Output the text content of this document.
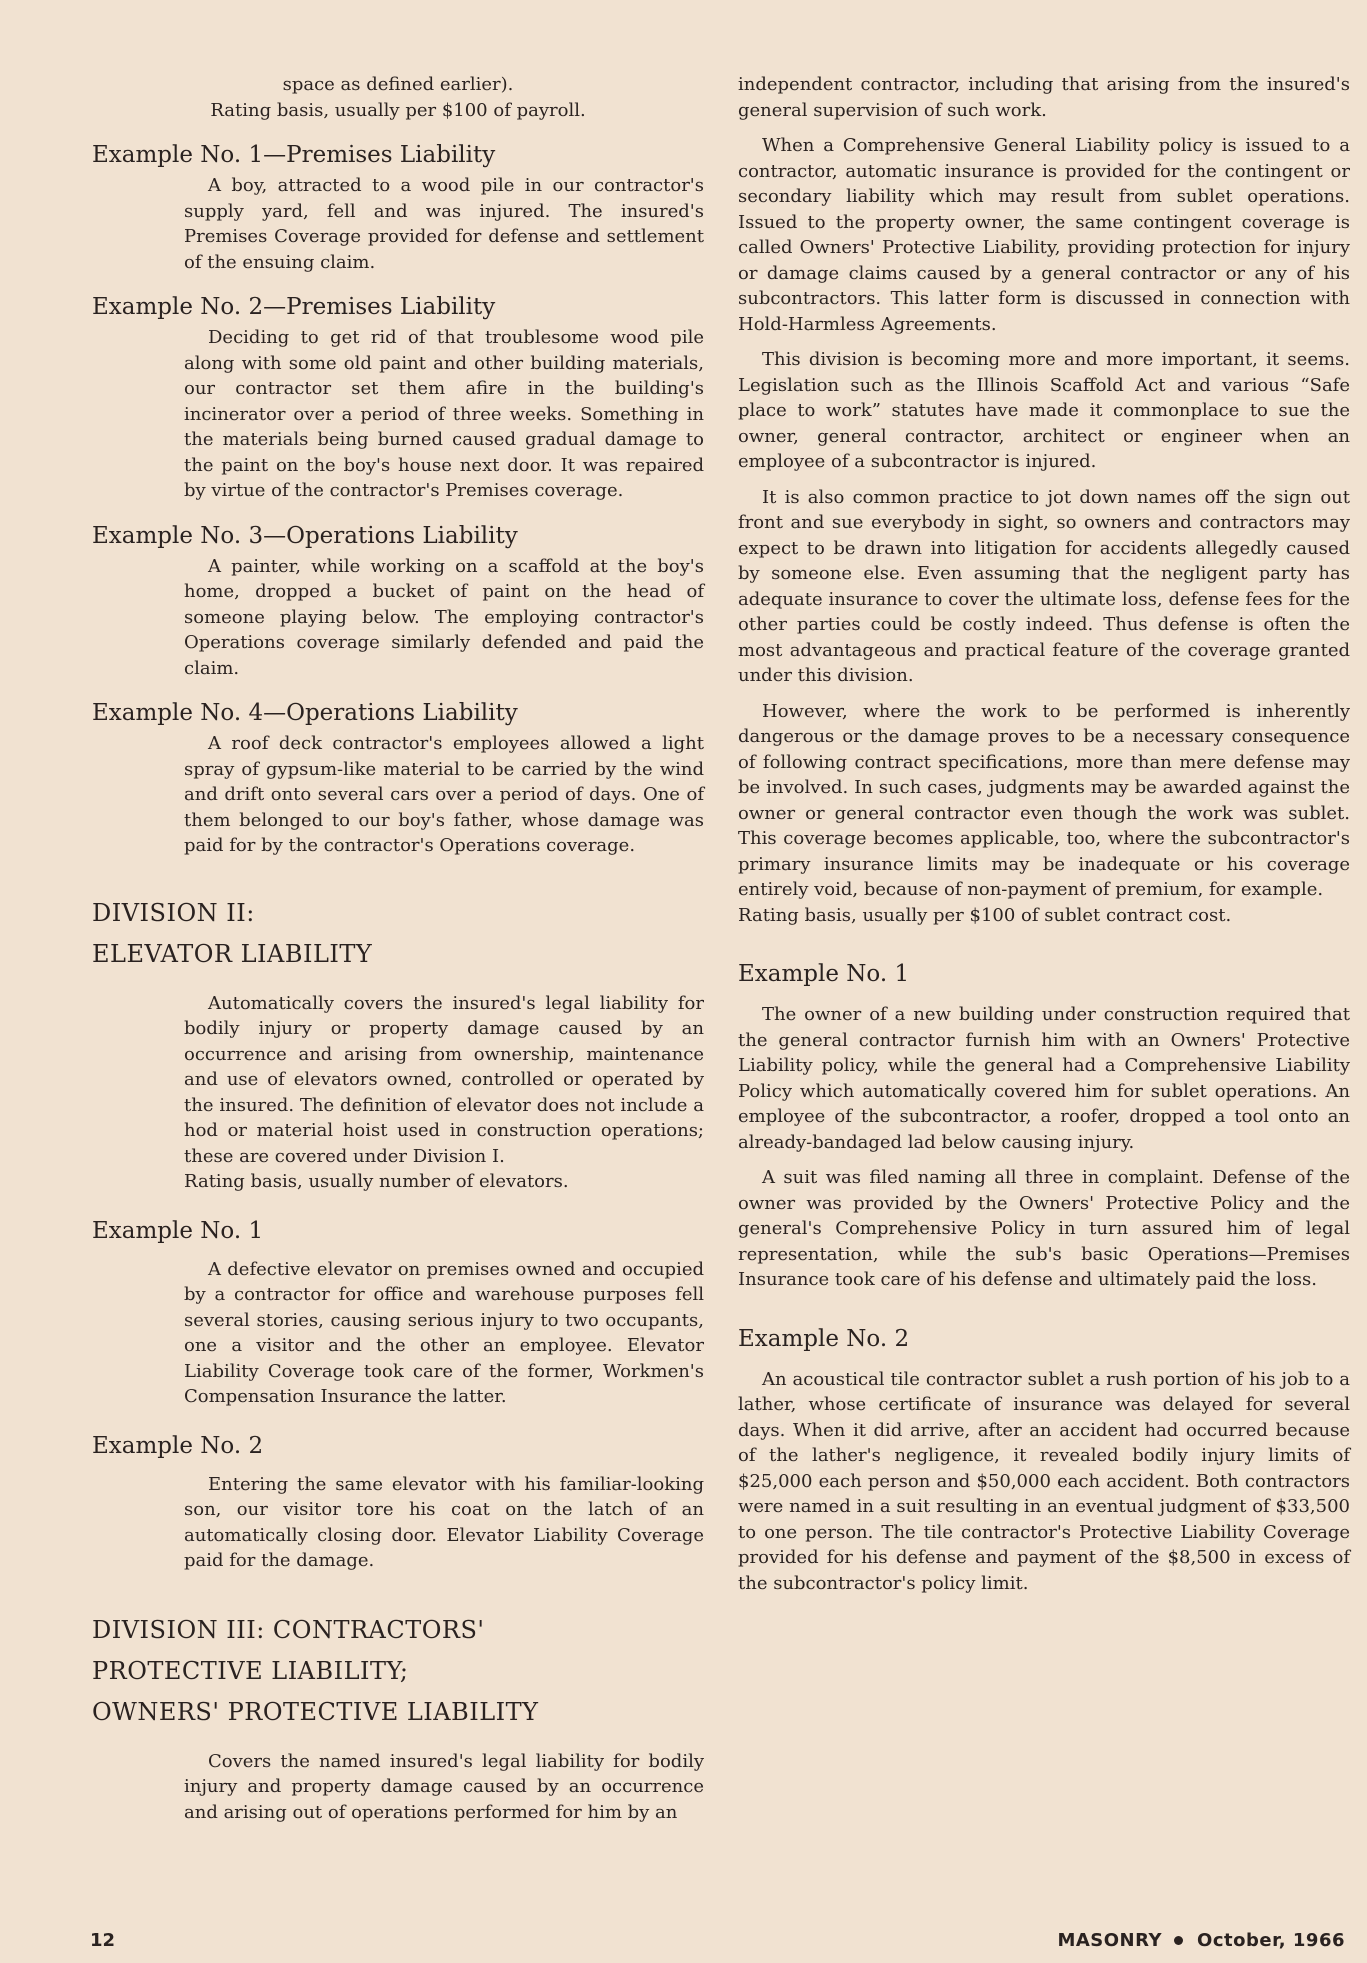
space as defined earlier).

Rating basis, usually per $100 of payroll.

Example No. 1—Premises Liability

A boy, attracted to a wood pile in our contractor's supply yard, fell and was injured. The insured's Premises Coverage provided for defense and settlement of the ensuing claim.

Example No. 2—Premises Liability

Deciding to get rid of that troublesome wood pile along with some old paint and other building materials, our contractor set them afire in the building's incinerator over a period of three weeks. Something in the materials being burned caused gradual damage to the paint on the boy's house next door. It was repaired by virtue of the contractor's Premises coverage.

Example No. 3—Operations Liability

A painter, while working on a scaffold at the boy's home, dropped a bucket of paint on the head of someone playing below. The employing contractor's Operations coverage similarly defended and paid the claim.

Example No. 4—Operations Liability

A roof deck contractor's employees allowed a light spray of gypsum-like material to be carried by the wind and drift onto several cars over a period of days. One of them belonged to our boy's father, whose damage was paid for by the contractor's Operations coverage.

DIVISION II:
ELEVATOR LIABILITY

Automatically covers the insured's legal liability for bodily injury or property damage caused by an occurrence and arising from ownership, maintenance and use of elevators owned, controlled or operated by the insured. The definition of elevator does not include a hod or material hoist used in construction operations; these are covered under Division I.

Rating basis, usually number of elevators.

Example No. 1

A defective elevator on premises owned and occupied by a contractor for office and warehouse purposes fell several stories, causing serious injury to two occupants, one a visitor and the other an employee. Elevator Liability Coverage took care of the former, Workmen's Compensation Insurance the latter.

Example No. 2

Entering the same elevator with his familiar-looking son, our visitor tore his coat on the latch of an automatically closing door. Elevator Liability Coverage paid for the damage.

DIVISION III: CONTRACTORS'
PROTECTIVE LIABILITY;
OWNERS' PROTECTIVE LIABILITY

Covers the named insured's legal liability for bodily injury and property damage caused by an occurrence and arising out of operations performed for him by an

independent contractor, including that arising from the insured's general supervision of such work.

When a Comprehensive General Liability policy is issued to a contractor, automatic insurance is provided for the contingent or secondary liability which may result from sublet operations. Issued to the property owner, the same contingent coverage is called Owners' Protective Liability, providing protection for injury or damage claims caused by a general contractor or any of his subcontractors. This latter form is discussed in connection with Hold-Harmless Agreements.

This division is becoming more and more important, it seems. Legislation such as the Illinois Scaffold Act and various “Safe place to work” statutes have made it commonplace to sue the owner, general contractor, architect or engineer when an employee of a subcontractor is injured.

It is also common practice to jot down names off the sign out front and sue everybody in sight, so owners and contractors may expect to be drawn into litigation for accidents allegedly caused by someone else. Even assuming that the negligent party has adequate insurance to cover the ultimate loss, defense fees for the other parties could be costly indeed. Thus defense is often the most advantageous and practical feature of the coverage granted under this division.

However, where the work to be performed is inherently dangerous or the damage proves to be a necessary consequence of following contract specifications, more than mere defense may be involved. In such cases, judgments may be awarded against the owner or general contractor even though the work was sublet. This coverage becomes applicable, too, where the subcontractor's primary insurance limits may be inadequate or his coverage entirely void, because of non-payment of premium, for example.

Rating basis, usually per $100 of sublet contract cost.

Example No. 1

The owner of a new building under construction required that the general contractor furnish him with an Owners' Protective Liability policy, while the general had a Comprehensive Liability Policy which automatically covered him for sublet operations. An employee of the subcontractor, a roofer, dropped a tool onto an already-bandaged lad below causing injury.

A suit was filed naming all three in complaint. Defense of the owner was provided by the Owners' Protective Policy and the general's Comprehensive Policy in turn assured him of legal representation, while the sub's basic Operations—Premises Insurance took care of his defense and ultimately paid the loss.

Example No. 2

An acoustical tile contractor sublet a rush portion of his job to a lather, whose certificate of insurance was delayed for several days. When it did arrive, after an accident had occurred because of the lather's negligence, it revealed bodily injury limits of $25,000 each person and $50,000 each accident. Both contractors were named in a suit resulting in an eventual judgment of $33,500 to one person. The tile contractor's Protective Liability Coverage provided for his defense and payment of the $8,500 in excess of the subcontractor's policy limit.

12	MASONRY October, 1966
